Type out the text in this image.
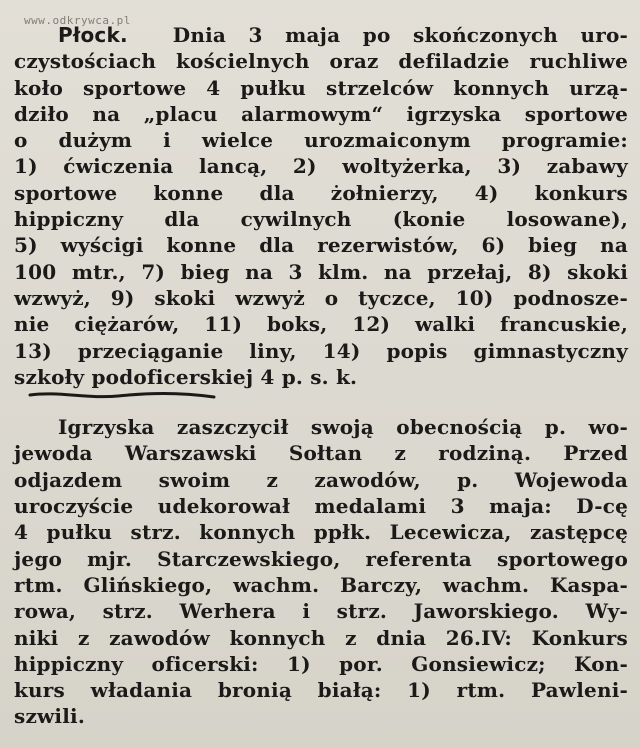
www.odkrywca.pl
Płock. Dnia 3 maja po skończonych uro-
czystościach kościelnych oraz defiladzie ruchliwe
koło sportowe 4 pułku strzelców konnych urzą-
dziło na „placu alarmowym“ igrzyska sportowe
o dużym i wielce urozmaiconym programie:
1) ćwiczenia lancą, 2) woltyżerka, 3) zabawy
sportowe konne dla żołnierzy, 4) konkurs
hippiczny dla cywilnych (konie losowane),
5) wyścigi konne dla rezerwistów, 6) bieg na
100 mtr., 7) bieg na 3 klm. na przełaj, 8) skoki
wzwyż, 9) skoki wzwyż o tyczce, 10) podnosze-
nie ciężarów, 11) boks, 12) walki francuskie,
13) przeciąganie liny, 14) popis gimnastyczny
szkoły podoficerskiej 4 p. s. k.
Igrzyska zaszczycił swoją obecnością p. wo-
jewoda Warszawski Sołtan z rodziną. Przed
odjazdem swoim z zawodów, p. Wojewoda
uroczyście udekorował medalami 3 maja: D-cę
4 pułku strz. konnych ppłk. Lecewicza, zastępcę
jego mjr. Starczewskiego, referenta sportowego
rtm. Glińskiego, wachm. Barczy, wachm. Kaspa-
rowa, strz. Werhera i strz. Jaworskiego. Wy-
niki z zawodów konnych z dnia 26.IV: Konkurs
hippiczny oficerski: 1) por. Gonsiewicz; Kon-
kurs władania bronią białą: 1) rtm. Pawleni-
szwili.
